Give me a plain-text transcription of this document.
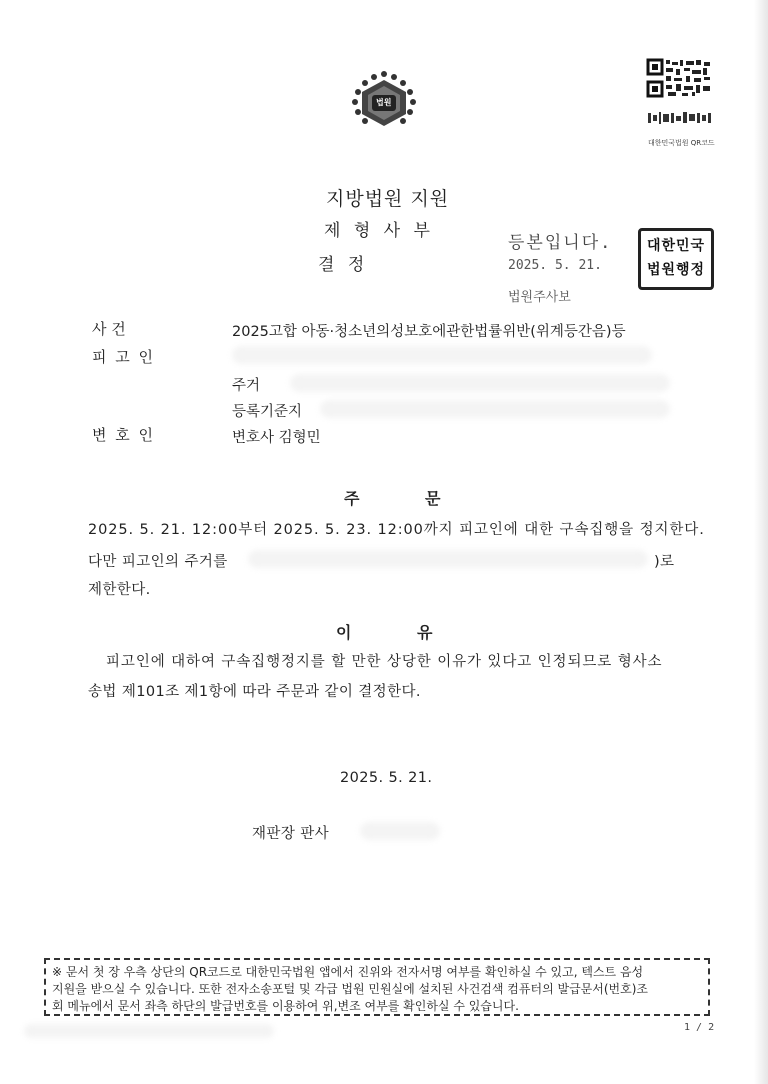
법원
대한민국법원 QR코드
지방법원 지원
제 형 사 부
결 정
등본입니다.
2025. 5. 21.
법원주사보
대한민국
법원행정
사 건	2025고합 아동·청소년의성보호에관한법률위반(위계등간음)등
피 고 인
주거
등록기준지
변 호 인	변호사 김형민
주 문
2025. 5. 21. 12:00부터 2025. 5. 23. 12:00까지 피고인에 대한 구속집행을 정지한다.
다만 피고인의 주거를	)로
제한한다.
이 유
피고인에 대하여 구속집행정지를 할 만한 상당한 이유가 있다고 인정되므로 형사소
송법 제101조 제1항에 따라 주문과 같이 결정한다.
2025. 5. 21.
재판장 판사
※ 문서 첫 장 우측 상단의 QR코드로 대한민국법원 앱에서 진위와 전자서명 여부를 확인하실 수 있고, 텍스트 음성
지원을 받으실 수 있습니다. 또한 전자소송포털 및 각급 법원 민원실에 설치된 사건검색 컴퓨터의 발급문서(번호)조
회 메뉴에서 문서 좌측 하단의 발급번호를 이용하여 위,변조 여부를 확인하실 수 있습니다.
1 / 2
